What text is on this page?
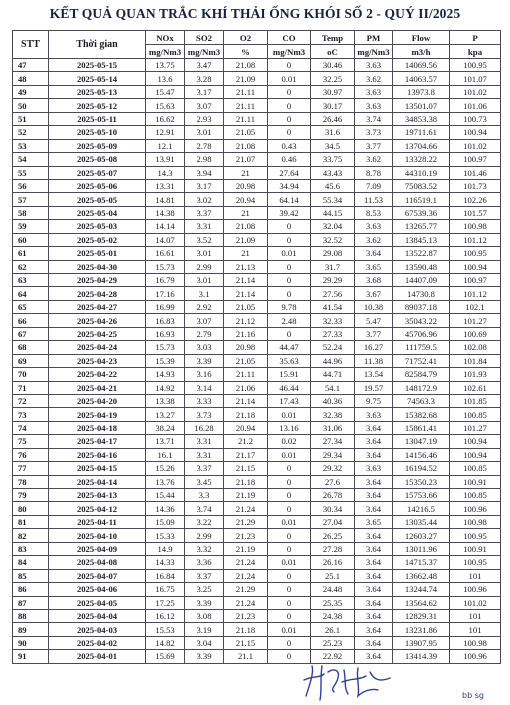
KẾT QUẢ QUAN TRẮC KHÍ THẢI ỐNG KHÓI SỐ 2 - QUÝ II/2025
STT	Thời gian	NOx	SO2	O2	CO	Temp	PM	Flow	P
		mg/Nm3	mg/Nm3	%	mg/Nm3	oC	mg/Nm3	m3/h	kpa
47	2025-05-15	13.75	3.47	21.08	0	30.46	3.63	14069.56	100.95
48	2025-05-14	13.6	3.28	21.09	0.01	32.25	3.62	14063.57	101.07
49	2025-05-13	15.47	3.17	21.11	0	30.97	3.63	13973.8	101.02
50	2025-05-12	15.63	3.07	21.11	0	30.17	3.63	13501.07	101.06
51	2025-05-11	16.62	2.93	21.11	0	26.46	3.74	34853.38	100.73
52	2025-05-10	12.91	3.01	21.05	0	31.6	3.73	19711.61	100.94
53	2025-05-09	12.1	2.78	21.08	0.43	34.5	3.77	13704.66	101.02
54	2025-05-08	13.91	2.98	21.07	0.46	33.75	3.62	13328.22	100.97
55	2025-05-07	14.3	3.94	21	27.64	43.43	8.78	44310.19	101.46
56	2025-05-06	13.31	3.17	20.98	34.94	45.6	7.09	75083.52	101.73
57	2025-05-05	14.81	3.02	20.94	64.14	55.34	11.53	116519.1	102.26
58	2025-05-04	14.38	3.37	21	39.42	44.15	8.53	67539.36	101.57
59	2025-05-03	14.14	3.31	21.08	0	32.04	3.63	13265.77	100.98
60	2025-05-02	14.07	3.52	21.09	0	32.52	3.62	13845.13	101.12
61	2025-05-01	16.61	3.01	21	0.01	29.08	3.64	13522.87	100.95
62	2025-04-30	15.73	2.99	21.13	0	31.7	3.65	13590.48	100.94
63	2025-04-29	16.79	3.01	21.14	0	29.29	3.68	14407.09	100.97
64	2025-04-28	17.16	3.1	21.14	0	27.56	3.67	14730.8	101.12
65	2025-04-27	16.99	2.92	21.05	9.78	41.54	10.38	89037.18	102.1
66	2025-04-26	16.83	3.07	21.12	2.48	32.33	5.47	35043.22	101.27
67	2025-04-25	16.93	2.79	21.16	0	27.33	3.77	45706.96	100.69
68	2025-04-24	15.73	3.03	20.98	44.47	52.24	16.27	111759.5	102.08
69	2025-04-23	15.39	3.39	21.05	35.63	44.96	11.38	71752.41	101.84
70	2025-04-22	14.93	3.16	21.11	15.91	44.71	13.54	82584.79	101.93
71	2025-04-21	14.92	3.14	21.06	46.44	54.1	19.57	148172.9	102.61
72	2025-04-20	13.38	3.33	21.14	17.43	40.36	9.75	74563.3	101.85
73	2025-04-19	13.27	3.73	21.18	0.01	32.38	3.63	15382.68	100.85
74	2025-04-18	38.24	16.28	20.94	13.16	31.06	3.64	15861.41	101.27
75	2025-04-17	13.71	3.31	21.2	0.02	27.34	3.64	13047.19	100.94
76	2025-04-16	16.1	3.31	21.17	0.01	29.34	3.64	14156.46	100.94
77	2025-04-15	15.26	3.37	21.15	0	29.32	3.63	16194.52	100.85
78	2025-04-14	13.76	3.45	21.18	0	27.6	3.64	15350.23	100.91
79	2025-04-13	15.44	3.3	21.19	0	26.78	3.64	15753.66	100.85
80	2025-04-12	14.36	3.74	21.24	0	30.34	3.64	14216.5	100.96
81	2025-04-11	15.09	3.22	21.29	0.01	27.04	3.65	13035.44	100.98
82	2025-04-10	15.33	2.99	21.23	0	26.25	3.64	12603.27	100.95
83	2025-04-09	14.9	3.32	21.19	0	27.28	3.64	13011.96	100.91
84	2025-04-08	14.33	3.36	21.24	0.01	26.16	3.64	14715.37	100.95
85	2025-04-07	16.84	3.37	21.24	0	25.1	3.64	13662.48	101
86	2025-04-06	16.75	3.25	21.29	0	24.48	3.64	13244.74	100.96
87	2025-04-05	17.25	3.39	21.24	0	25.35	3.64	13564.62	101.02
88	2025-04-04	16.12	3.08	21.23	0	24.38	3.64	12829.31	101
89	2025-04-03	15.53	3.19	21.18	0.01	26.1	3.64	13231.86	101
90	2025-04-02	14.82	3.04	21.15	0	25.23	3.64	13907.95	100.98
91	2025-04-01	15.69	3.39	21.1	0	22.92	3.64	13414.39	100.96
bb sg
